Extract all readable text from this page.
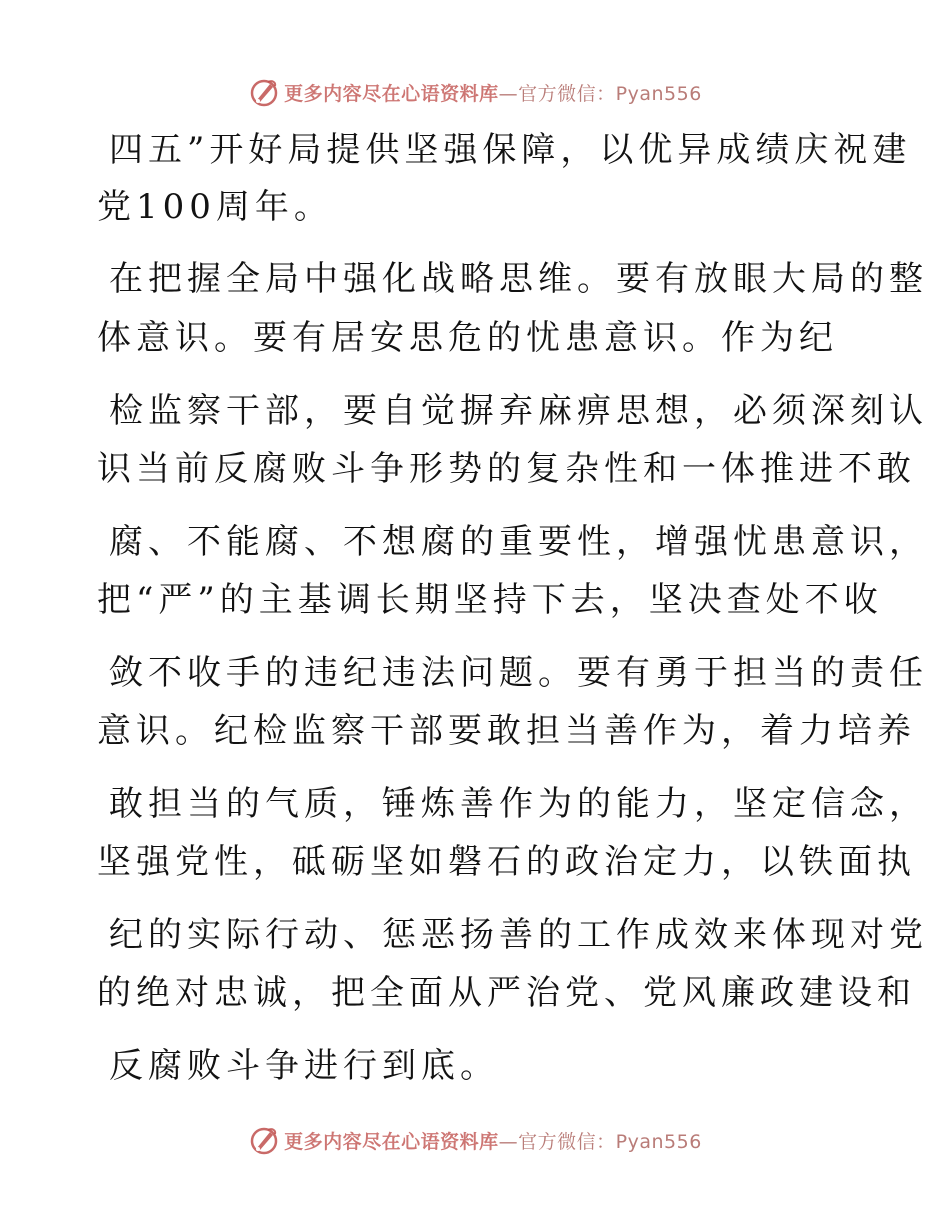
更多内容尽在心语资料库—官方微信：Pyan556
四五”开好局提供坚强保障，以优异成绩庆祝建
党100周年。
在把握全局中强化战略思维。要有放眼大局的整
体意识。要有居安思危的忧患意识。作为纪
检监察干部，要自觉摒弃麻痹思想，必须深刻认
识当前反腐败斗争形势的复杂性和一体推进不敢
腐、不能腐、不想腐的重要性，增强忧患意识，
把“严”的主基调长期坚持下去，坚决查处不收
敛不收手的违纪违法问题。要有勇于担当的责任
意识。纪检监察干部要敢担当善作为，着力培养
敢担当的气质，锤炼善作为的能力，坚定信念，
坚强党性，砥砺坚如磐石的政治定力，以铁面执
纪的实际行动、惩恶扬善的工作成效来体现对党
的绝对忠诚，把全面从严治党、党风廉政建设和
反腐败斗争进行到底。
更多内容尽在心语资料库—官方微信：Pyan556
